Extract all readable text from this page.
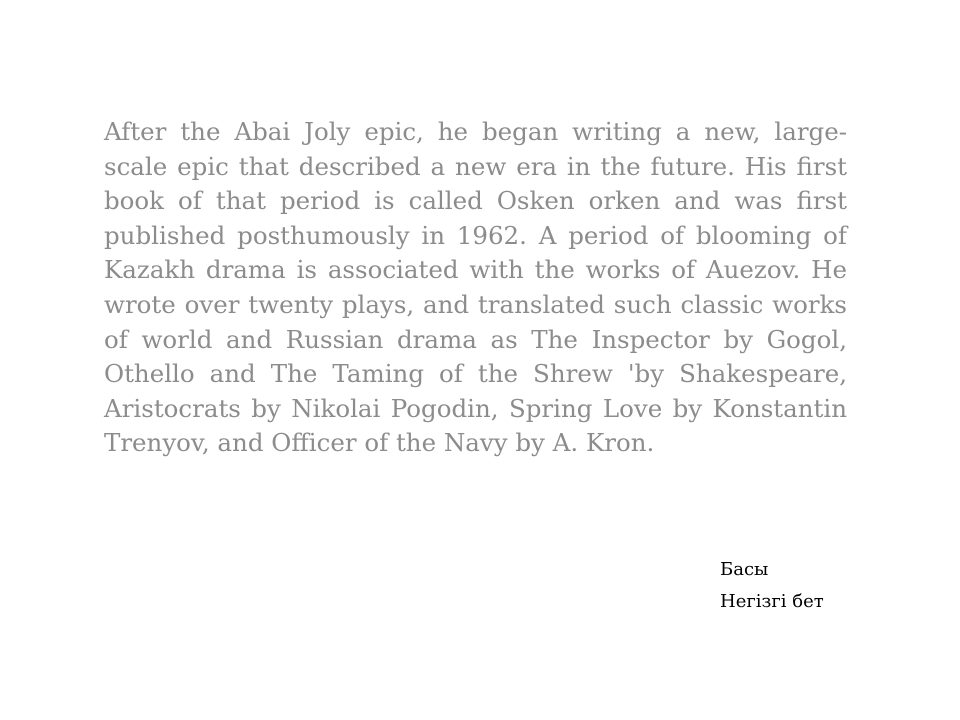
After the Abai Joly epic, he began writing a new, large-scale epic that described a new era in the future. His first book of that period is called Osken orken and was first published posthumously in 1962. A period of blooming of Kazakh drama is associated with the works of Auezov. He wrote over twenty plays, and translated such classic works of world and Russian drama as The Inspector by Gogol, Othello and The Taming of the Shrew 'by Shakespeare, Aristocrats by Nikolai Pogodin, Spring Love by Konstantin Trenyov, and Officer of the Navy by A. Kron.

Басы
Негізгі бет
